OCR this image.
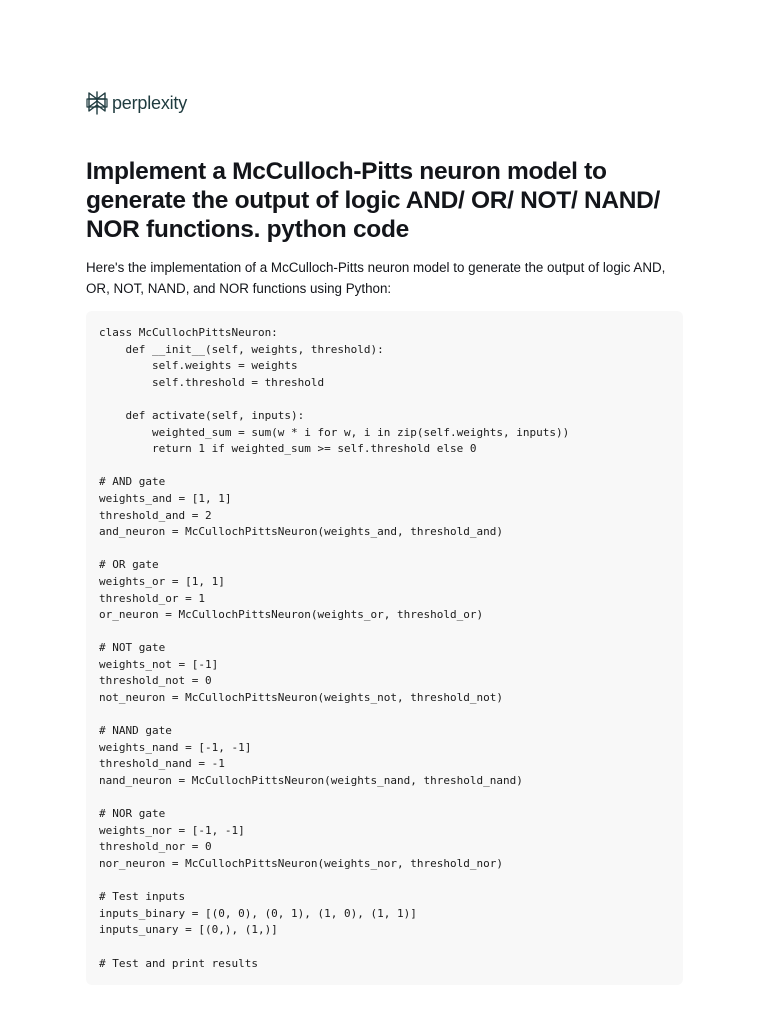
perplexity
Implement a McCulloch-Pitts neuron model to generate the output of logic AND/ OR/ NOT/ NAND/ NOR functions. python code

Here's the implementation of a McCulloch-Pitts neuron model to generate the output of logic AND, OR, NOT, NAND, and NOR functions using Python:

class McCullochPittsNeuron:
def __init__(self, weights, threshold):
self.weights = weights
self.threshold = threshold

def activate(self, inputs):
weighted_sum = sum(w * i for w, i in zip(self.weights, inputs))
return 1 if weighted_sum >= self.threshold else 0

# AND gate
weights_and = [1, 1]
threshold_and = 2
and_neuron = McCullochPittsNeuron(weights_and, threshold_and)

# OR gate
weights_or = [1, 1]
threshold_or = 1
or_neuron = McCullochPittsNeuron(weights_or, threshold_or)

# NOT gate
weights_not = [-1]
threshold_not = 0
not_neuron = McCullochPittsNeuron(weights_not, threshold_not)

# NAND gate
weights_nand = [-1, -1]
threshold_nand = -1
nand_neuron = McCullochPittsNeuron(weights_nand, threshold_nand)

# NOR gate
weights_nor = [-1, -1]
threshold_nor = 0
nor_neuron = McCullochPittsNeuron(weights_nor, threshold_nor)

# Test inputs
inputs_binary = [(0, 0), (0, 1), (1, 0), (1, 1)]
inputs_unary = [(0,), (1,)]

# Test and print results
